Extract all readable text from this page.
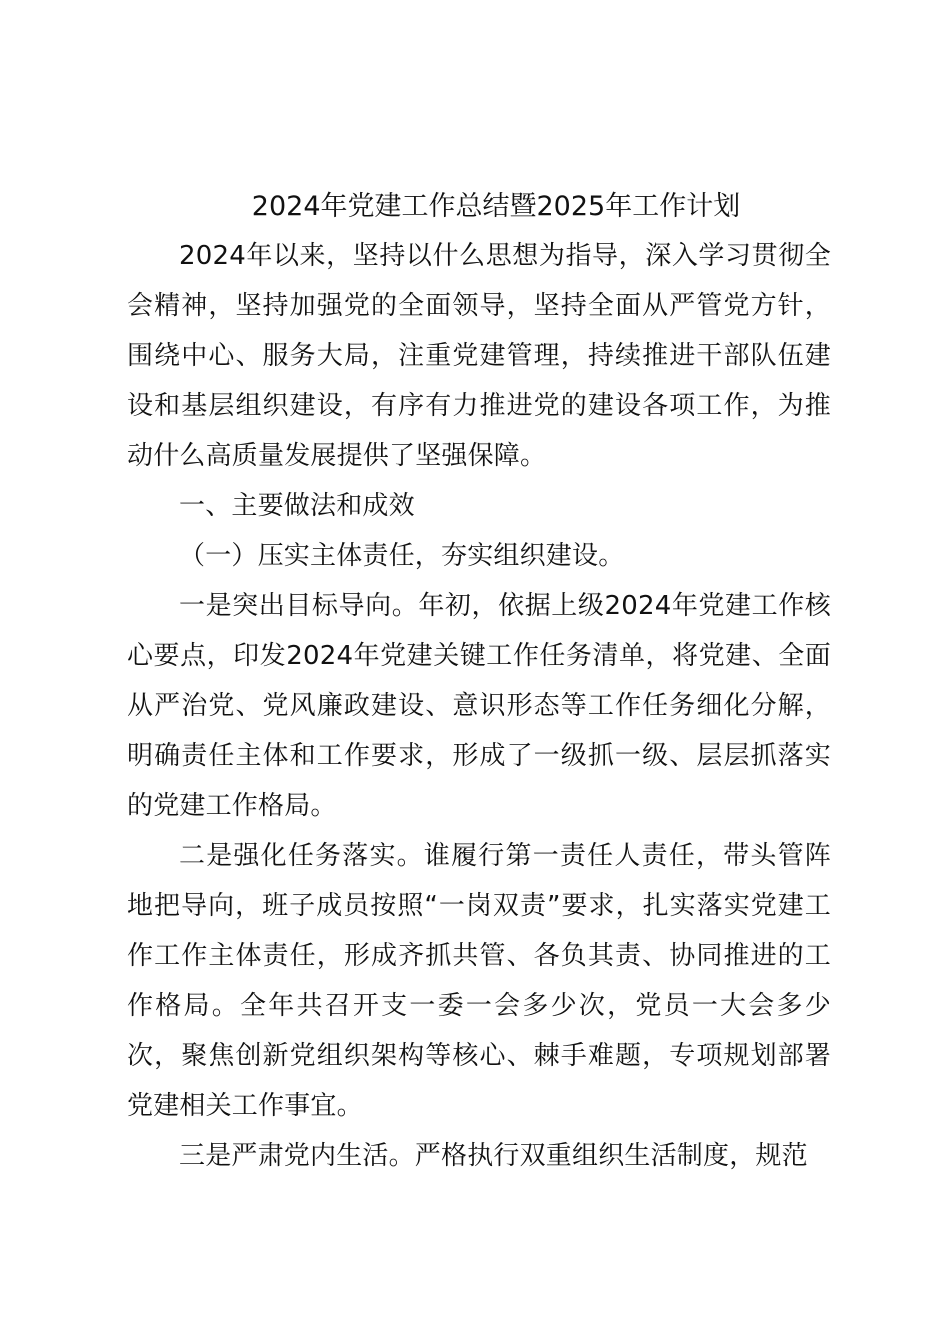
2024年党建工作总结暨2025年工作计划

2024年以来，坚持以什么思想为指导，深入学习贯彻全会精神，坚持加强党的全面领导，坚持全面从严管党方针，围绕中心、服务大局，注重党建管理，持续推进干部队伍建设和基层组织建设，有序有力推进党的建设各项工作，为推动什么高质量发展提供了坚强保障。

一、主要做法和成效

（一）压实主体责任，夯实组织建设。

一是突出目标导向。年初，依据上级2024年党建工作核心要点，印发2024年党建关键工作任务清单，将党建、全面从严治党、党风廉政建设、意识形态等工作任务细化分解，明确责任主体和工作要求，形成了一级抓一级、层层抓落实的党建工作格局。

二是强化任务落实。谁履行第一责任人责任，带头管阵地把导向，班子成员按照“一岗双责”要求，扎实落实党建工作工作主体责任，形成齐抓共管、各负其责、协同推进的工作格局。全年共召开支一委一会多少次，党员一大会多少次，聚焦创新党组织架构等核心、棘手难题，专项规划部署党建相关工作事宜。

三是严肃党内生活。严格执行双重组织生活制度，规范
